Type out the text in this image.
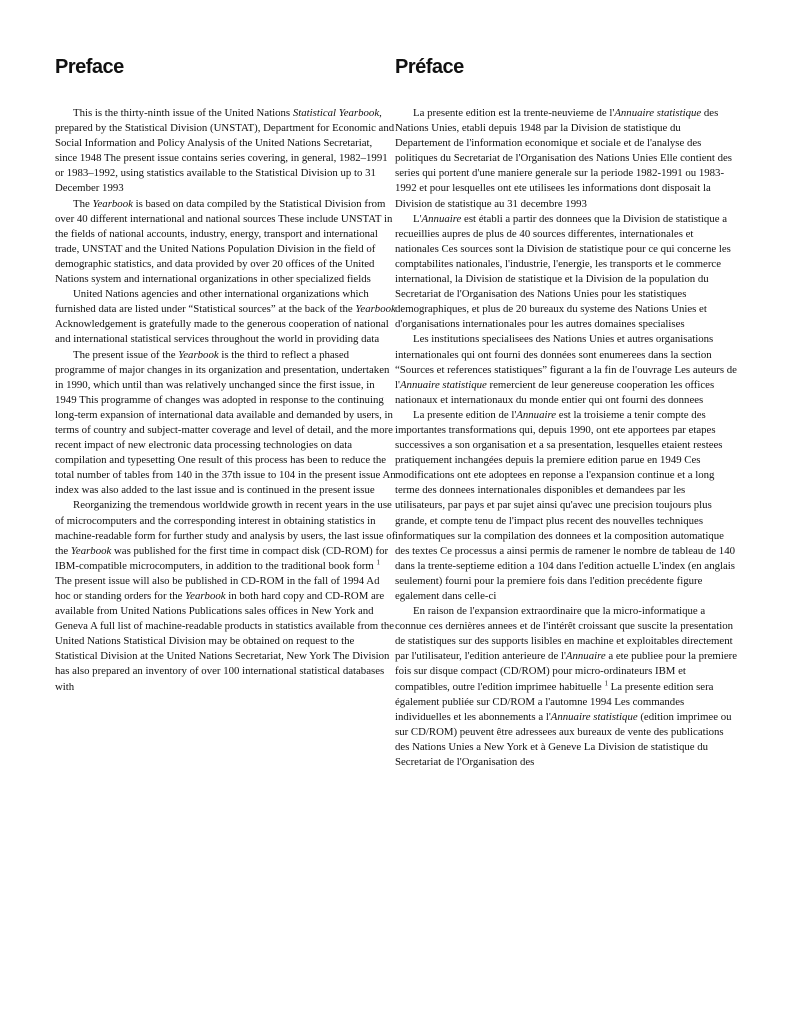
Preface

This is the thirty-ninth issue of the United Nations Statistical Yearbook, prepared by the Statistical Division (UNSTAT), Department for Economic and Social Information and Policy Analysis of the United Nations Secretariat, since 1948 The present issue contains series covering, in general, 1982–1991 or 1983–1992, using statistics available to the Statistical Division up to 31 December 1993

The Yearbook is based on data compiled by the Statistical Division from over 40 different international and national sources These include UNSTAT in the fields of national accounts, industry, energy, transport and international trade, UNSTAT and the United Nations Population Division in the field of demographic statistics, and data provided by over 20 offices of the United Nations system and international organizations in other specialized fields

United Nations agencies and other international organizations which furnished data are listed under “Statistical sources” at the back of the Yearbook Acknowledgement is gratefully made to the generous cooperation of national and international statistical services throughout the world in providing data

The present issue of the Yearbook is the third to reflect a phased programme of major changes in its organization and presentation, undertaken in 1990, which until than was relatively unchanged since the first issue, in 1949 This programme of changes was adopted in response to the continuing long-term expansion of international data available and demanded by users, in terms of country and subject-matter coverage and level of detail, and the more recent impact of new electronic data processing technologies on data compilation and typesetting One result of this process has been to reduce the total number of tables from 140 in the 37th issue to 104 in the present issue An index was also added to the last issue and is continued in the present issue

Reorganizing the tremendous worldwide growth in recent years in the use of microcomputers and the corresponding interest in obtaining statistics in machine-readable form for further study and analysis by users, the last issue of the Yearbook was published for the first time in compact disk (CD-ROM) for IBM-compatible microcomputers, in addition to the traditional book form $^1$ The present issue will also be published in CD-ROM in the fall of 1994 Ad hoc or standing orders for the Yearbook in both hard copy and CD-ROM are available from United Nations Publications sales offices in New York and Geneva A full list of machine-readable products in statistics available from the United Nations Statistical Division may be obtained on request to the Statistical Division at the United Nations Secretariat, New York The Division has also prepared an inventory of over 100 international statistical databases with

Préface

La presente edition est la trente-neuvieme de l'Annuaire statistique des Nations Unies, etabli depuis 1948 par la Division de statistique du Departement de l'information economique et sociale et de l'analyse des politiques du Secretariat de l'Organisation des Nations Unies Elle contient des series qui portent d'une maniere generale sur la periode 1982-1991 ou 1983-1992 et pour lesquelles ont ete utilisees les informations dont disposait la Division de statistique au 31 decembre 1993

L'Annuaire est établi a partir des donnees que la Division de statistique a recueillies aupres de plus de 40 sources differentes, internationales et nationales Ces sources sont la Division de statistique pour ce qui concerne les comptabilites nationales, l'industrie, l'energie, les transports et le commerce international, la Division de statistique et la Division de la population du Secretariat de l'Organisation des Nations Unies pour les statistiques demographiques, et plus de 20 bureaux du systeme des Nations Unies et d'organisations internationales pour les autres domaines specialises

Les institutions specialisees des Nations Unies et autres organisations internationales qui ont fourni des données sont enumerees dans la section “Sources et references statistiques” figurant a la fin de l'ouvrage Les auteurs de l'Annuaire statistique remercient de leur genereuse cooperation les offices nationaux et internationaux du monde entier qui ont fourni des donnees

La presente edition de l'Annuaire est la troisieme a tenir compte des importantes transformations qui, depuis 1990, ont ete apportees par etapes successives a son organisation et a sa presentation, lesquelles etaient restees pratiquement inchangées depuis la premiere edition parue en 1949 Ces modifications ont ete adoptees en reponse a l'expansion continue et a long terme des donnees internationales disponibles et demandees par les utilisateurs, par pays et par sujet ainsi qu'avec une precision toujours plus grande, et compte tenu de l'impact plus recent des nouvelles techniques informatiques sur la compilation des donnees et la composition automatique des textes Ce processus a ainsi permis de ramener le nombre de tableau de 140 dans la trente-septieme edition a 104 dans l'edition actuelle L'index (en anglais seulement) fourni pour la premiere fois dans l'edition precédente figure egalement dans celle-ci

En raison de l'expansion extraordinaire que la micro-informatique a connue ces dernières annees et de l'intérêt croissant que suscite la presentation de statistiques sur des supports lisibles en machine et exploitables directement par l'utilisateur, l'edition anterieure de l'Annuaire a ete publiee pour la premiere fois sur disque compact (CD/ROM) pour micro-ordinateurs IBM et compatibles, outre l'edition imprimee habituelle $^1$ La presente edition sera également publiée sur CD/ROM a l'automne 1994 Les commandes individuelles et les abonnements a l'Annuaire statistique (edition imprimee ou sur CD/ROM) peuvent être adressees aux bureaux de vente des publications des Nations Unies a New York et à Geneve La Division de statistique du Secretariat de l'Organisation des
